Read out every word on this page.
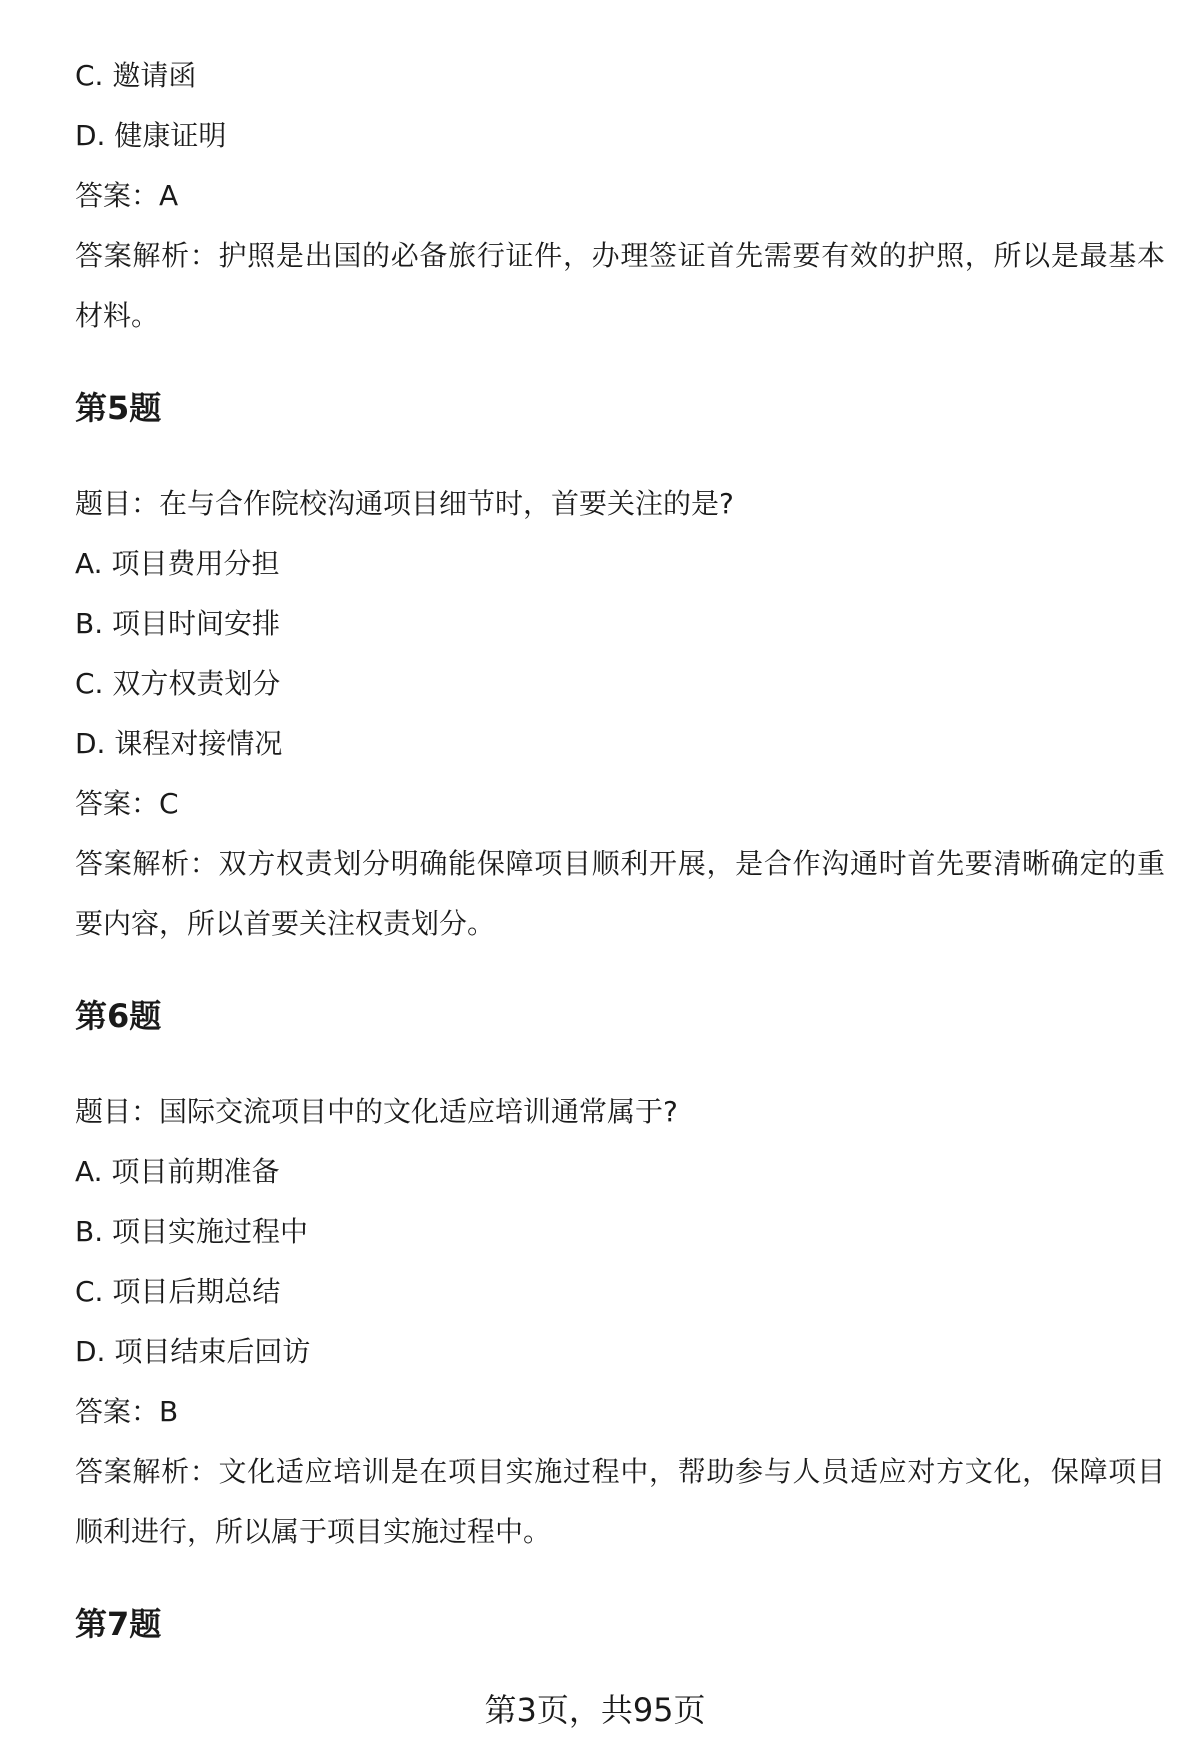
C. 邀请函

D. 健康证明

答案：A

答案解析：护照是出国的必备旅行证件，办理签证首先需要有效的护照，所以是最基本材料。

第5题

题目：在与合作院校沟通项目细节时，首要关注的是?

A. 项目费用分担

B. 项目时间安排

C. 双方权责划分

D. 课程对接情况

答案：C

答案解析：双方权责划分明确能保障项目顺利开展，是合作沟通时首先要清晰确定的重要内容，所以首要关注权责划分。

第6题

题目：国际交流项目中的文化适应培训通常属于?

A. 项目前期准备

B. 项目实施过程中

C. 项目后期总结

D. 项目结束后回访

答案：B

答案解析：文化适应培训是在项目实施过程中，帮助参与人员适应对方文化，保障项目顺利进行，所以属于项目实施过程中。

第7题
第3页，共95页
